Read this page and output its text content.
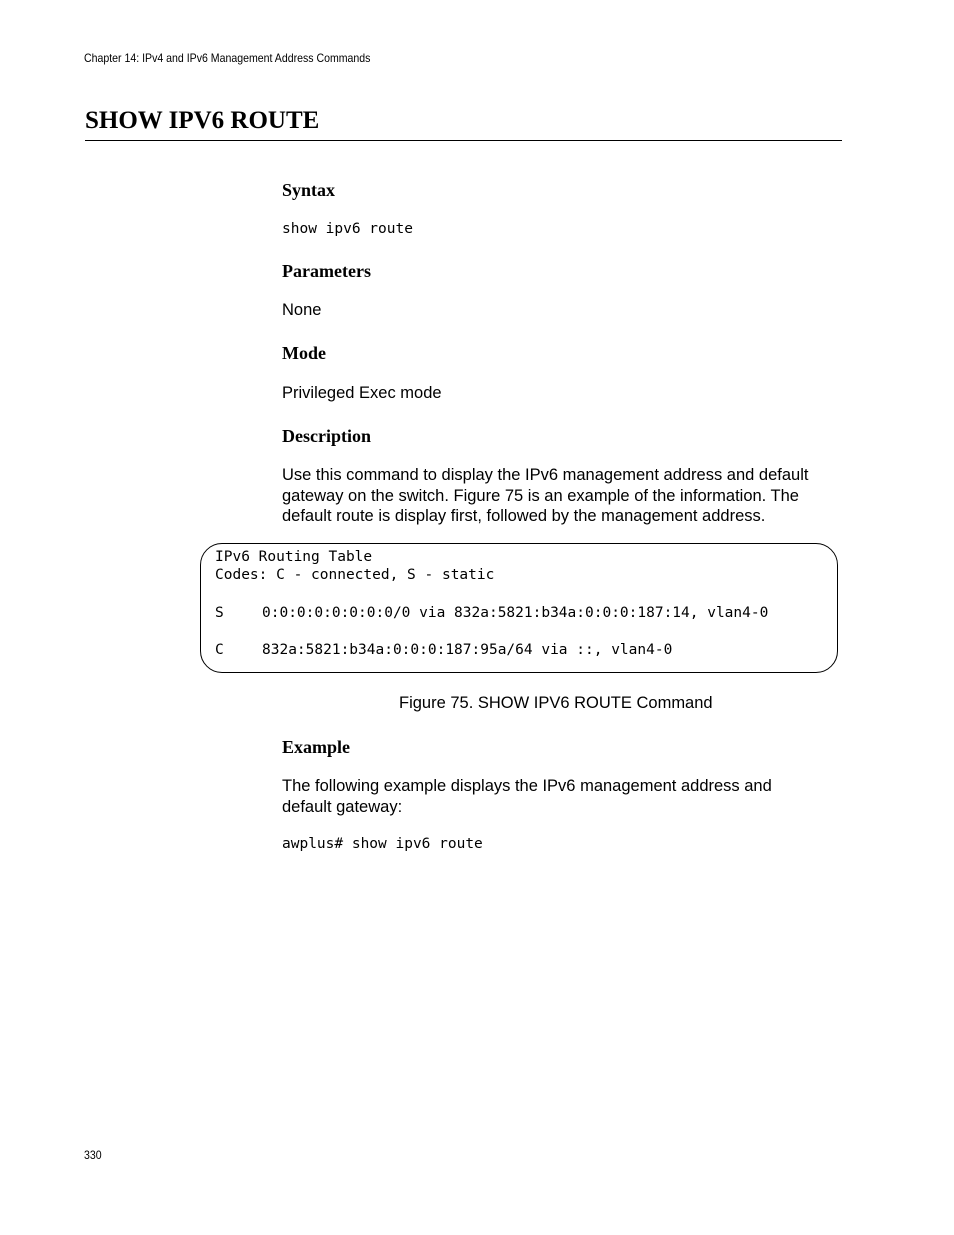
Chapter 14: IPv4 and IPv6 Management Address Commands
SHOW IPV6 ROUTE
Syntax
show ipv6 route
Parameters

None

Mode

Privileged Exec mode

Description

Use this command to display the IPv6 management address and default

gateway on the switch. Figure 75 is an example of the information. The

default route is display first, followed by the management address.

IPv6 Routing Table
Codes: C - connected, S - static
S	0:0:0:0:0:0:0:0/0 via 832a:5821:b34a:0:0:0:187:14, vlan4-0
C	832a:5821:b34a:0:0:0:187:95a/64 via ::, vlan4-0
Figure 75. SHOW IPV6 ROUTE Command
Example

The following example displays the IPv6 management address and

default gateway:

awplus# show ipv6 route
330
